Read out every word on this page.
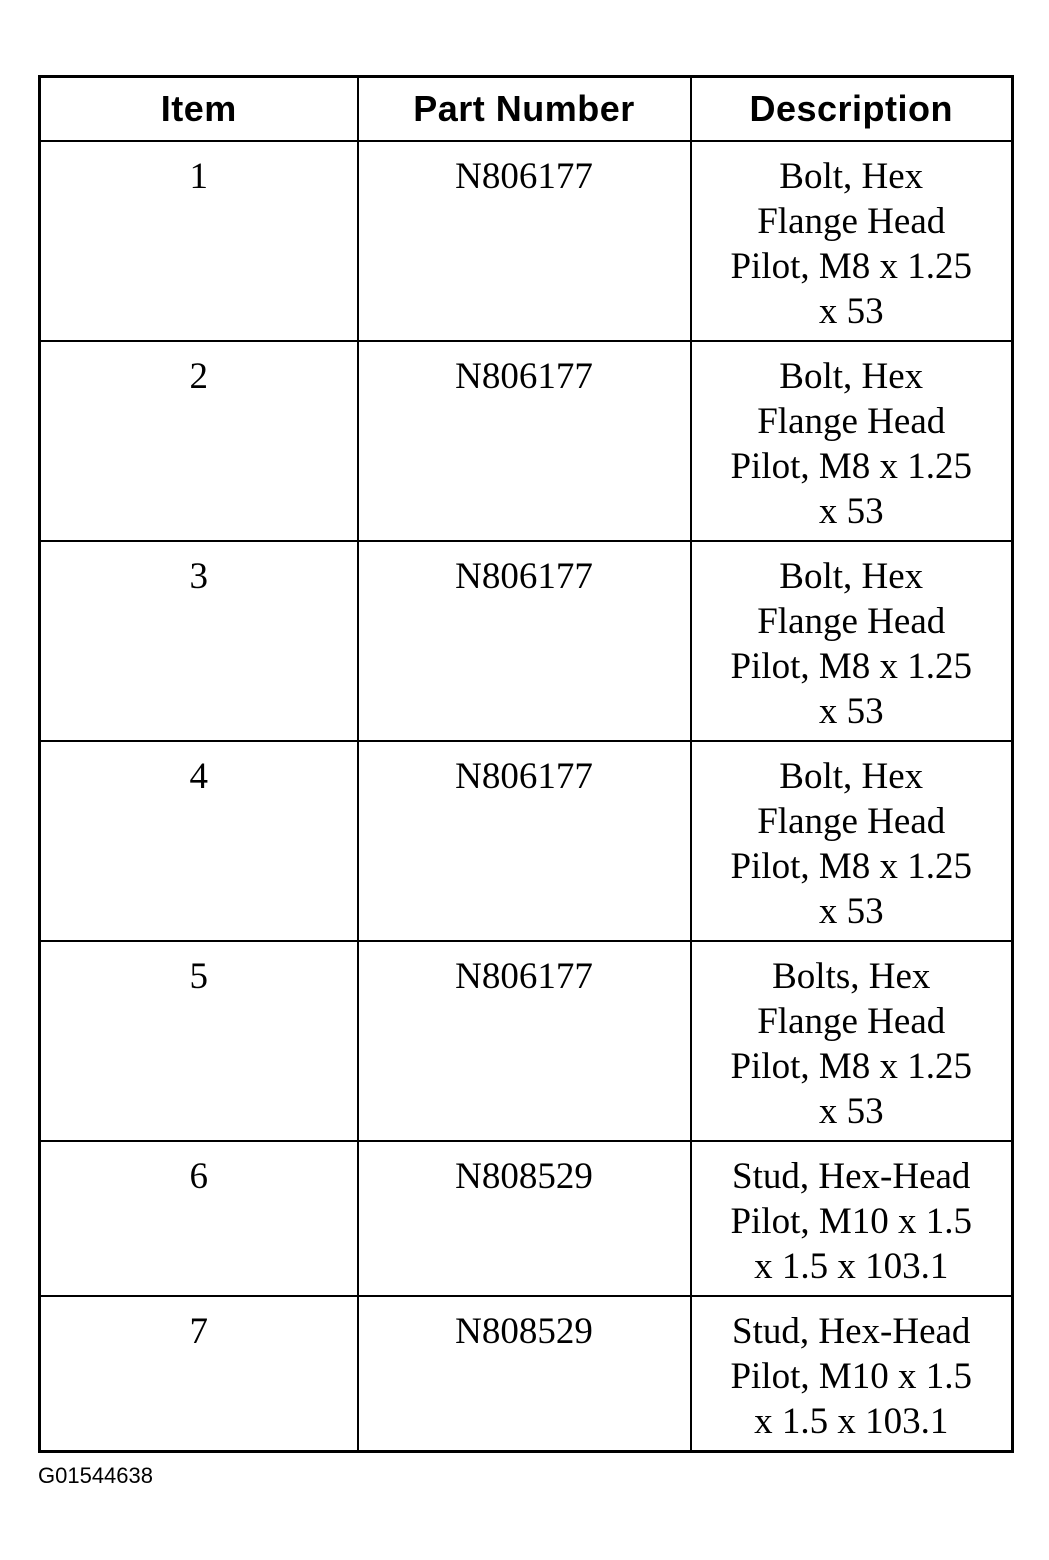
Item	Part Number	Description
1	N806177	Bolt, Hex
Flange Head
Pilot, M8 x 1.25
x 53

2	N806177	Bolt, Hex
Flange Head
Pilot, M8 x 1.25
x 53

3	N806177	Bolt, Hex
Flange Head
Pilot, M8 x 1.25
x 53

4	N806177	Bolt, Hex
Flange Head
Pilot, M8 x 1.25
x 53

5	N806177	Bolts, Hex
Flange Head
Pilot, M8 x 1.25
x 53

6	N808529	Stud, Hex-Head
Pilot, M10 x 1.5
x 1.5 x 103.1

7	N808529	Stud, Hex-Head
Pilot, M10 x 1.5
x 1.5 x 103.1
G01544638
